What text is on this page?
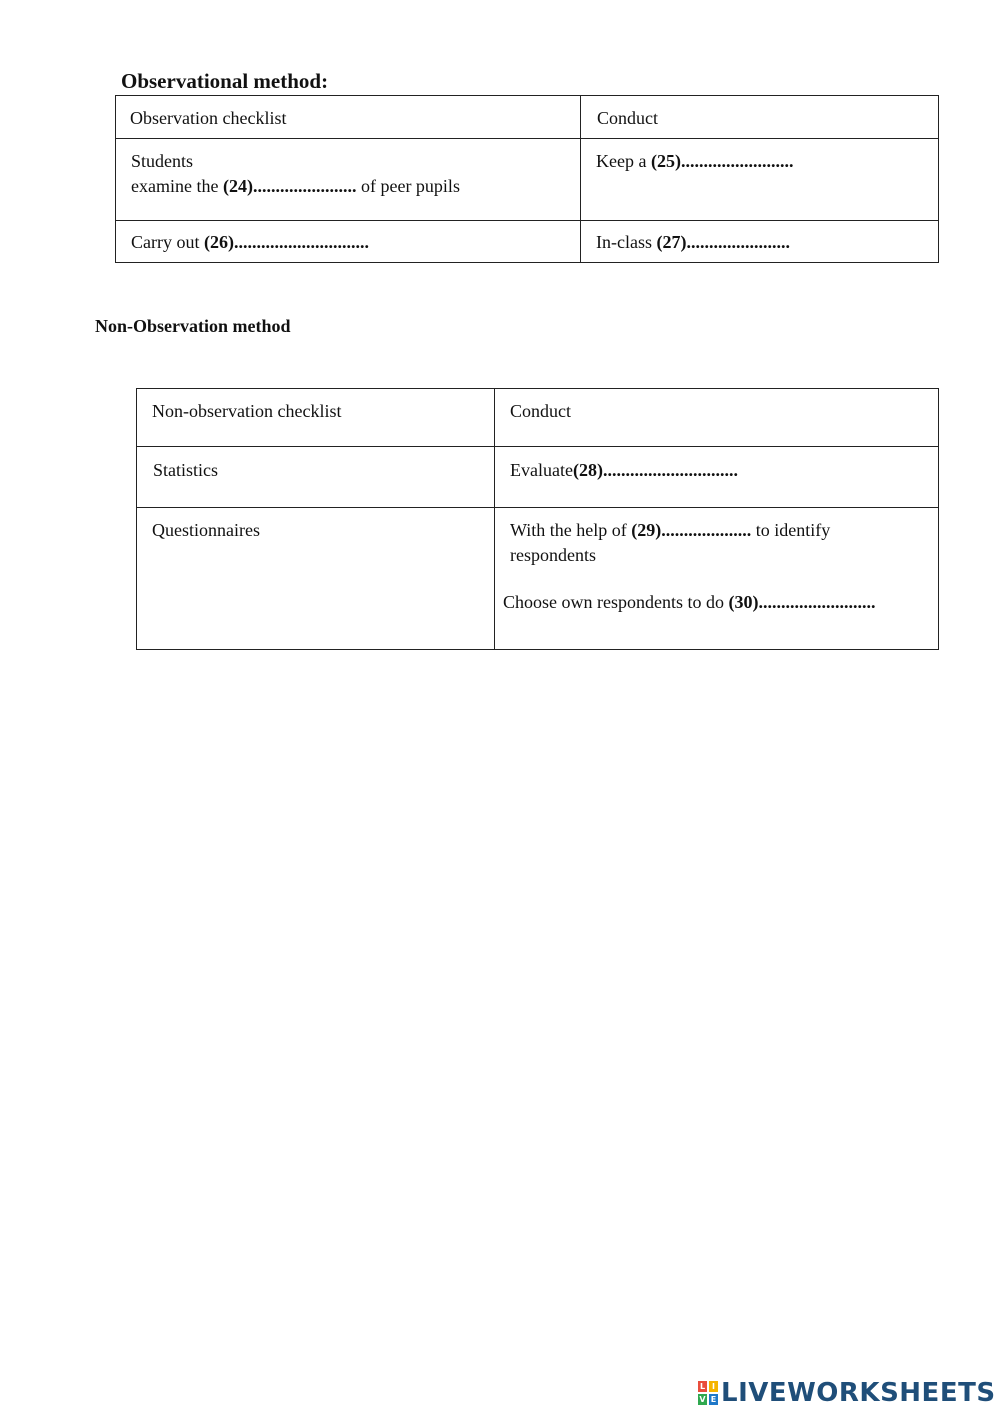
Observational method:
Observation checklist	Conduct

Students
examine the (24)....................... of peer pupils	Keep a (25).........................

Carry out (26)..............................	In-class (27).......................
Non-Observation method
Non-observation checklist	Conduct

Statistics	Evaluate(28)..............................

Questionnaires	With the help of (29).................... to identify
respondents
Choose own respondents to do (30)..........................
L I
V E LIVEWORKSHEETS
